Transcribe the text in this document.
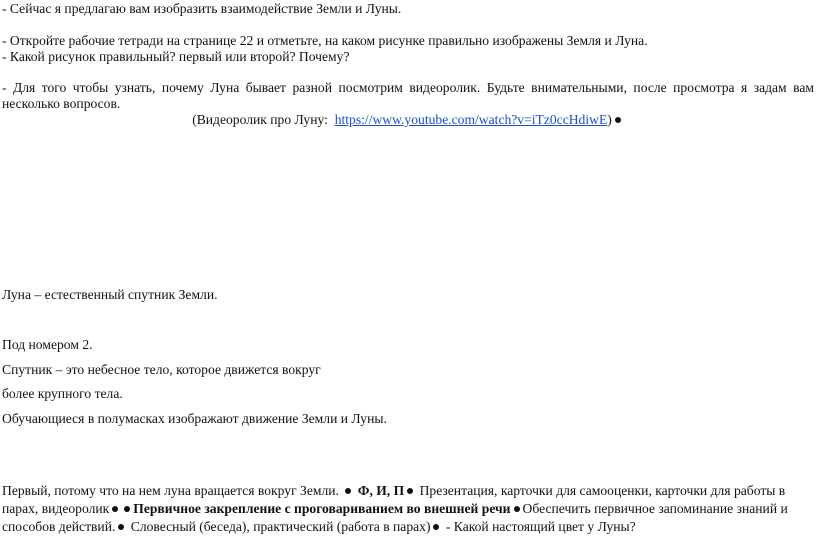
- Сейчас я предлагаю вам изобразить взаимодействие Земли и Луны.
- Откройте рабочие тетради на странице 22 и отметьте, на каком рисунке правильно изображены Земля и Луна.
- Какой рисунок правильный? первый или второй? Почему?
- Для того чтобы узнать, почему Луна бывает разной посмотрим видеоролик. Будьте внимательными, после просмотра я задам вам несколько вопросов.
(Видеоролик про Луну: https://www.youtube.com/watch?v=iTz0ccHdiwE)
Луна – естественный спутник Земли.
Под номером 2.
Спутник – это небесное тело, которое движется вокруг
более крупного тела.
Обучающиеся в полумасках изображают движение Земли и Луны.
Первый, потому что на нем луна вращается вокруг Земли. Ф, И, П Презентация, карточки для самооценки, карточки для работы в парах, видеоролик Первичное закрепление с проговариванием во внешней речи Обеспечить первичное запоминание знаний и способов действий. Словесный (беседа), практический (работа в парах) - Какой настоящий цвет у Луны?
